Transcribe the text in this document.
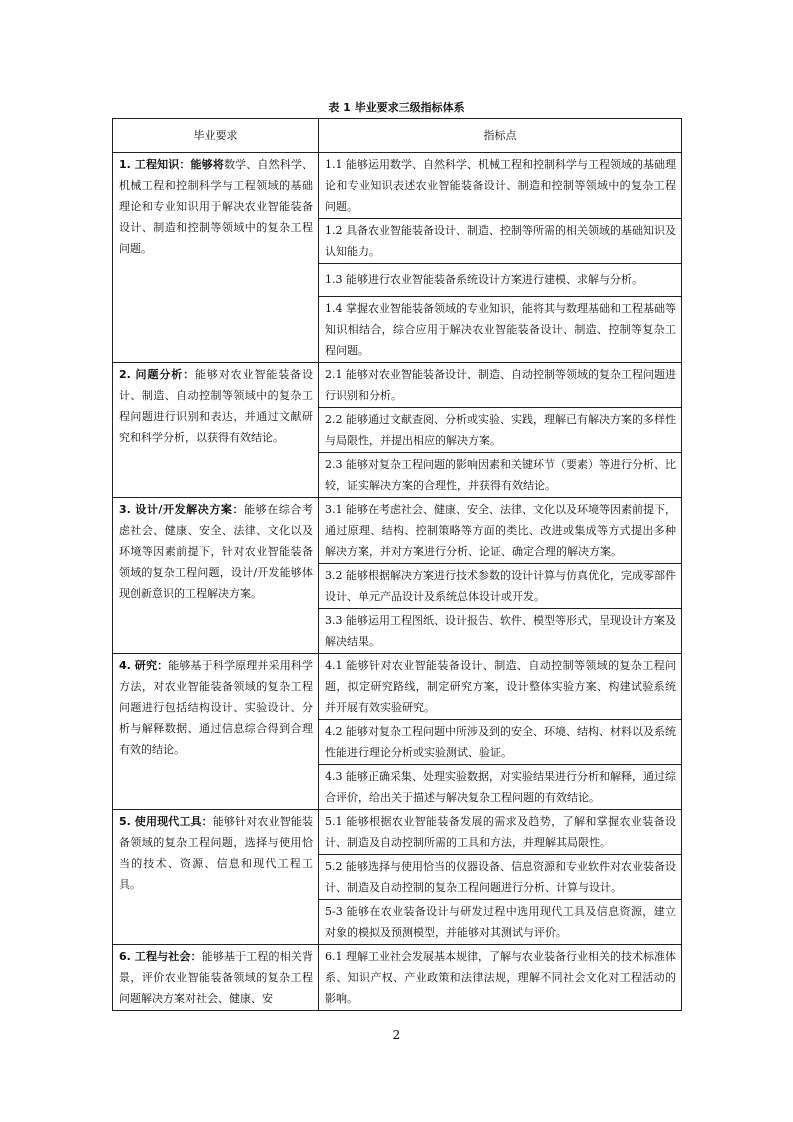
表 1 毕业要求三级指标体系
毕业要求	指标点
1. 工程知识：能够将数学、自然科学、机械工程和控制科学与工程领域的基础理论和专业知识用于解决农业智能装备设计、制造和控制等领域中的复杂工程问题。	1.1 能够运用数学、自然科学、机械工程和控制科学与工程领域的基础理论和专业知识表述农业智能装备设计、制造和控制等领域中的复杂工程问题。
	1.2 具备农业智能装备设计、制造、控制等所需的相关领域的基础知识及认知能力。
	1.3 能够进行农业智能装备系统设计方案进行建模、求解与分析。
	1.4 掌握农业智能装备领域的专业知识，能将其与数理基础和工程基础等知识相结合，综合应用于解决农业智能装备设计、制造、控制等复杂工程问题。
2. 问题分析：能够对农业智能装备设计、制造、自动控制等领域中的复杂工程问题进行识别和表达，并通过文献研究和科学分析，以获得有效结论。	2.1 能够对农业智能装备设计、制造、自动控制等领域的复杂工程问题进行识别和分析。
	2.2 能够通过文献查阅、分析或实验、实践，理解已有解决方案的多样性与局限性，并提出相应的解决方案。
	2.3 能够对复杂工程问题的影响因素和关键环节（要素）等进行分析、比较，证实解决方案的合理性，并获得有效结论。
3. 设计/开发解决方案：能够在综合考虑社会、健康、安全、法律、文化以及环境等因素前提下，针对农业智能装备领域的复杂工程问题，设计/开发能够体现创新意识的工程解决方案。	3.1 能够在考虑社会、健康、安全、法律、文化以及环境等因素前提下，通过原理、结构、控制策略等方面的类比、改进或集成等方式提出多种解决方案，并对方案进行分析、论证、确定合理的解决方案。
	3.2 能够根据解决方案进行技术参数的设计计算与仿真优化，完成零部件设计、单元产品设计及系统总体设计或开发。
	3.3 能够运用工程图纸、设计报告、软件、模型等形式，呈现设计方案及解决结果。
4. 研究：能够基于科学原理并采用科学方法，对农业智能装备领域的复杂工程问题进行包括结构设计、实验设计、分析与解释数据、通过信息综合得到合理有效的结论。	4.1 能够针对农业智能装备设计、制造、自动控制等领域的复杂工程问题，拟定研究路线，制定研究方案，设计整体实验方案、构建试验系统并开展有效实验研究。
	4.2 能够对复杂工程问题中所涉及到的安全、环境、结构、材料以及系统性能进行理论分析或实验测试、验证。
	4.3 能够正确采集、处理实验数据，对实验结果进行分析和解释，通过综合评价，给出关于描述与解决复杂工程问题的有效结论。
5. 使用现代工具：能够针对农业智能装备领域的复杂工程问题，选择与使用恰当的技术、资源、信息和现代工程工具。	5.1 能够根据农业智能装备发展的需求及趋势，了解和掌握农业装备设计、制造及自动控制所需的工具和方法，并理解其局限性。
	5.2 能够选择与使用恰当的仪器设备、信息资源和专业软件对农业装备设计、制造及自动控制的复杂工程问题进行分析、计算与设计。
	5-3 能够在农业装备设计与研发过程中选用现代工具及信息资源，建立对象的模拟及预测模型，并能够对其测试与评价。
6. 工程与社会：能够基于工程的相关背景，评价农业智能装备领域的复杂工程问题解决方案对社会、健康、安	6.1 理解工业社会发展基本规律，了解与农业装备行业相关的技术标准体系、知识产权、产业政策和法律法规，理解不同社会文化对工程活动的影响。
2
